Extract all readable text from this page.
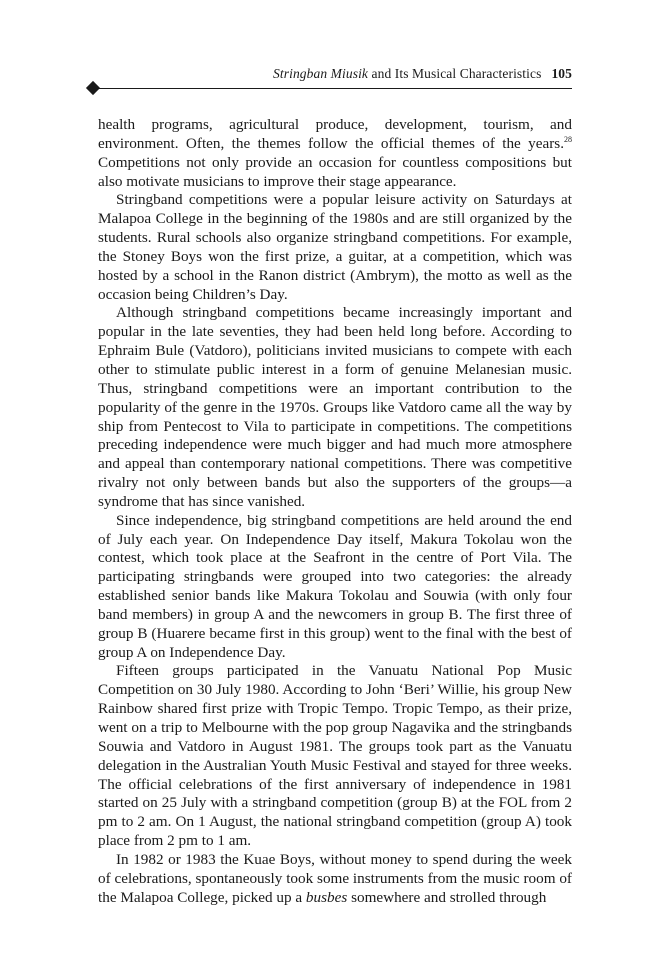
Stringban Miusik and Its Musical Characteristics 105

health programs, agricultural produce, development, tourism, and environment. Often, the themes follow the official themes of the years.$^{28}$ Competitions not only provide an occasion for countless compositions but also motivate musicians to improve their stage appearance.

Stringband competitions were a popular leisure activity on Saturdays at Malapoa College in the beginning of the 1980s and are still organized by the students. Rural schools also organize stringband competitions. For example, the Stoney Boys won the first prize, a guitar, at a competition, which was hosted by a school in the Ranon district (Ambrym), the motto as well as the occasion being Children’s Day.

Although stringband competitions became increasingly important and popular in the late seventies, they had been held long before. According to Ephraim Bule (Vatdoro), politicians invited musicians to compete with each other to stimulate public interest in a form of genuine Melanesian music. Thus, stringband competitions were an important contribution to the popularity of the genre in the 1970s. Groups like Vatdoro came all the way by ship from Pentecost to Vila to participate in competitions. The competitions preceding independence were much bigger and had much more atmosphere and appeal than contemporary national competitions. There was competitive rivalry not only between bands but also the supporters of the groups—a syndrome that has since vanished.

Since independence, big stringband competitions are held around the end of July each year. On Independence Day itself, Makura Tokolau won the contest, which took place at the Seafront in the centre of Port Vila. The participating stringbands were grouped into two categories: the already established senior bands like Makura Tokolau and Souwia (with only four band members) in group A and the newcomers in group B. The first three of group B (Huarere became first in this group) went to the final with the best of group A on Independence Day.

Fifteen groups participated in the Vanuatu National Pop Music Competition on 30 July 1980. According to John ‘Beri’ Willie, his group New Rainbow shared first prize with Tropic Tempo. Tropic Tempo, as their prize, went on a trip to Melbourne with the pop group Nagavika and the stringbands Souwia and Vatdoro in August 1981. The groups took part as the Vanuatu delegation in the Australian Youth Music Festival and stayed for three weeks. The official celebrations of the first anniversary of independence in 1981 started on 25 July with a stringband competition (group B) at the FOL from 2 pm to 2 am. On 1 August, the national stringband competition (group A) took place from 2 pm to 1 am.

In 1982 or 1983 the Kuae Boys, without money to spend during the week of celebrations, spontaneously took some instruments from the music room of the Malapoa College, picked up a busbes somewhere and strolled through
